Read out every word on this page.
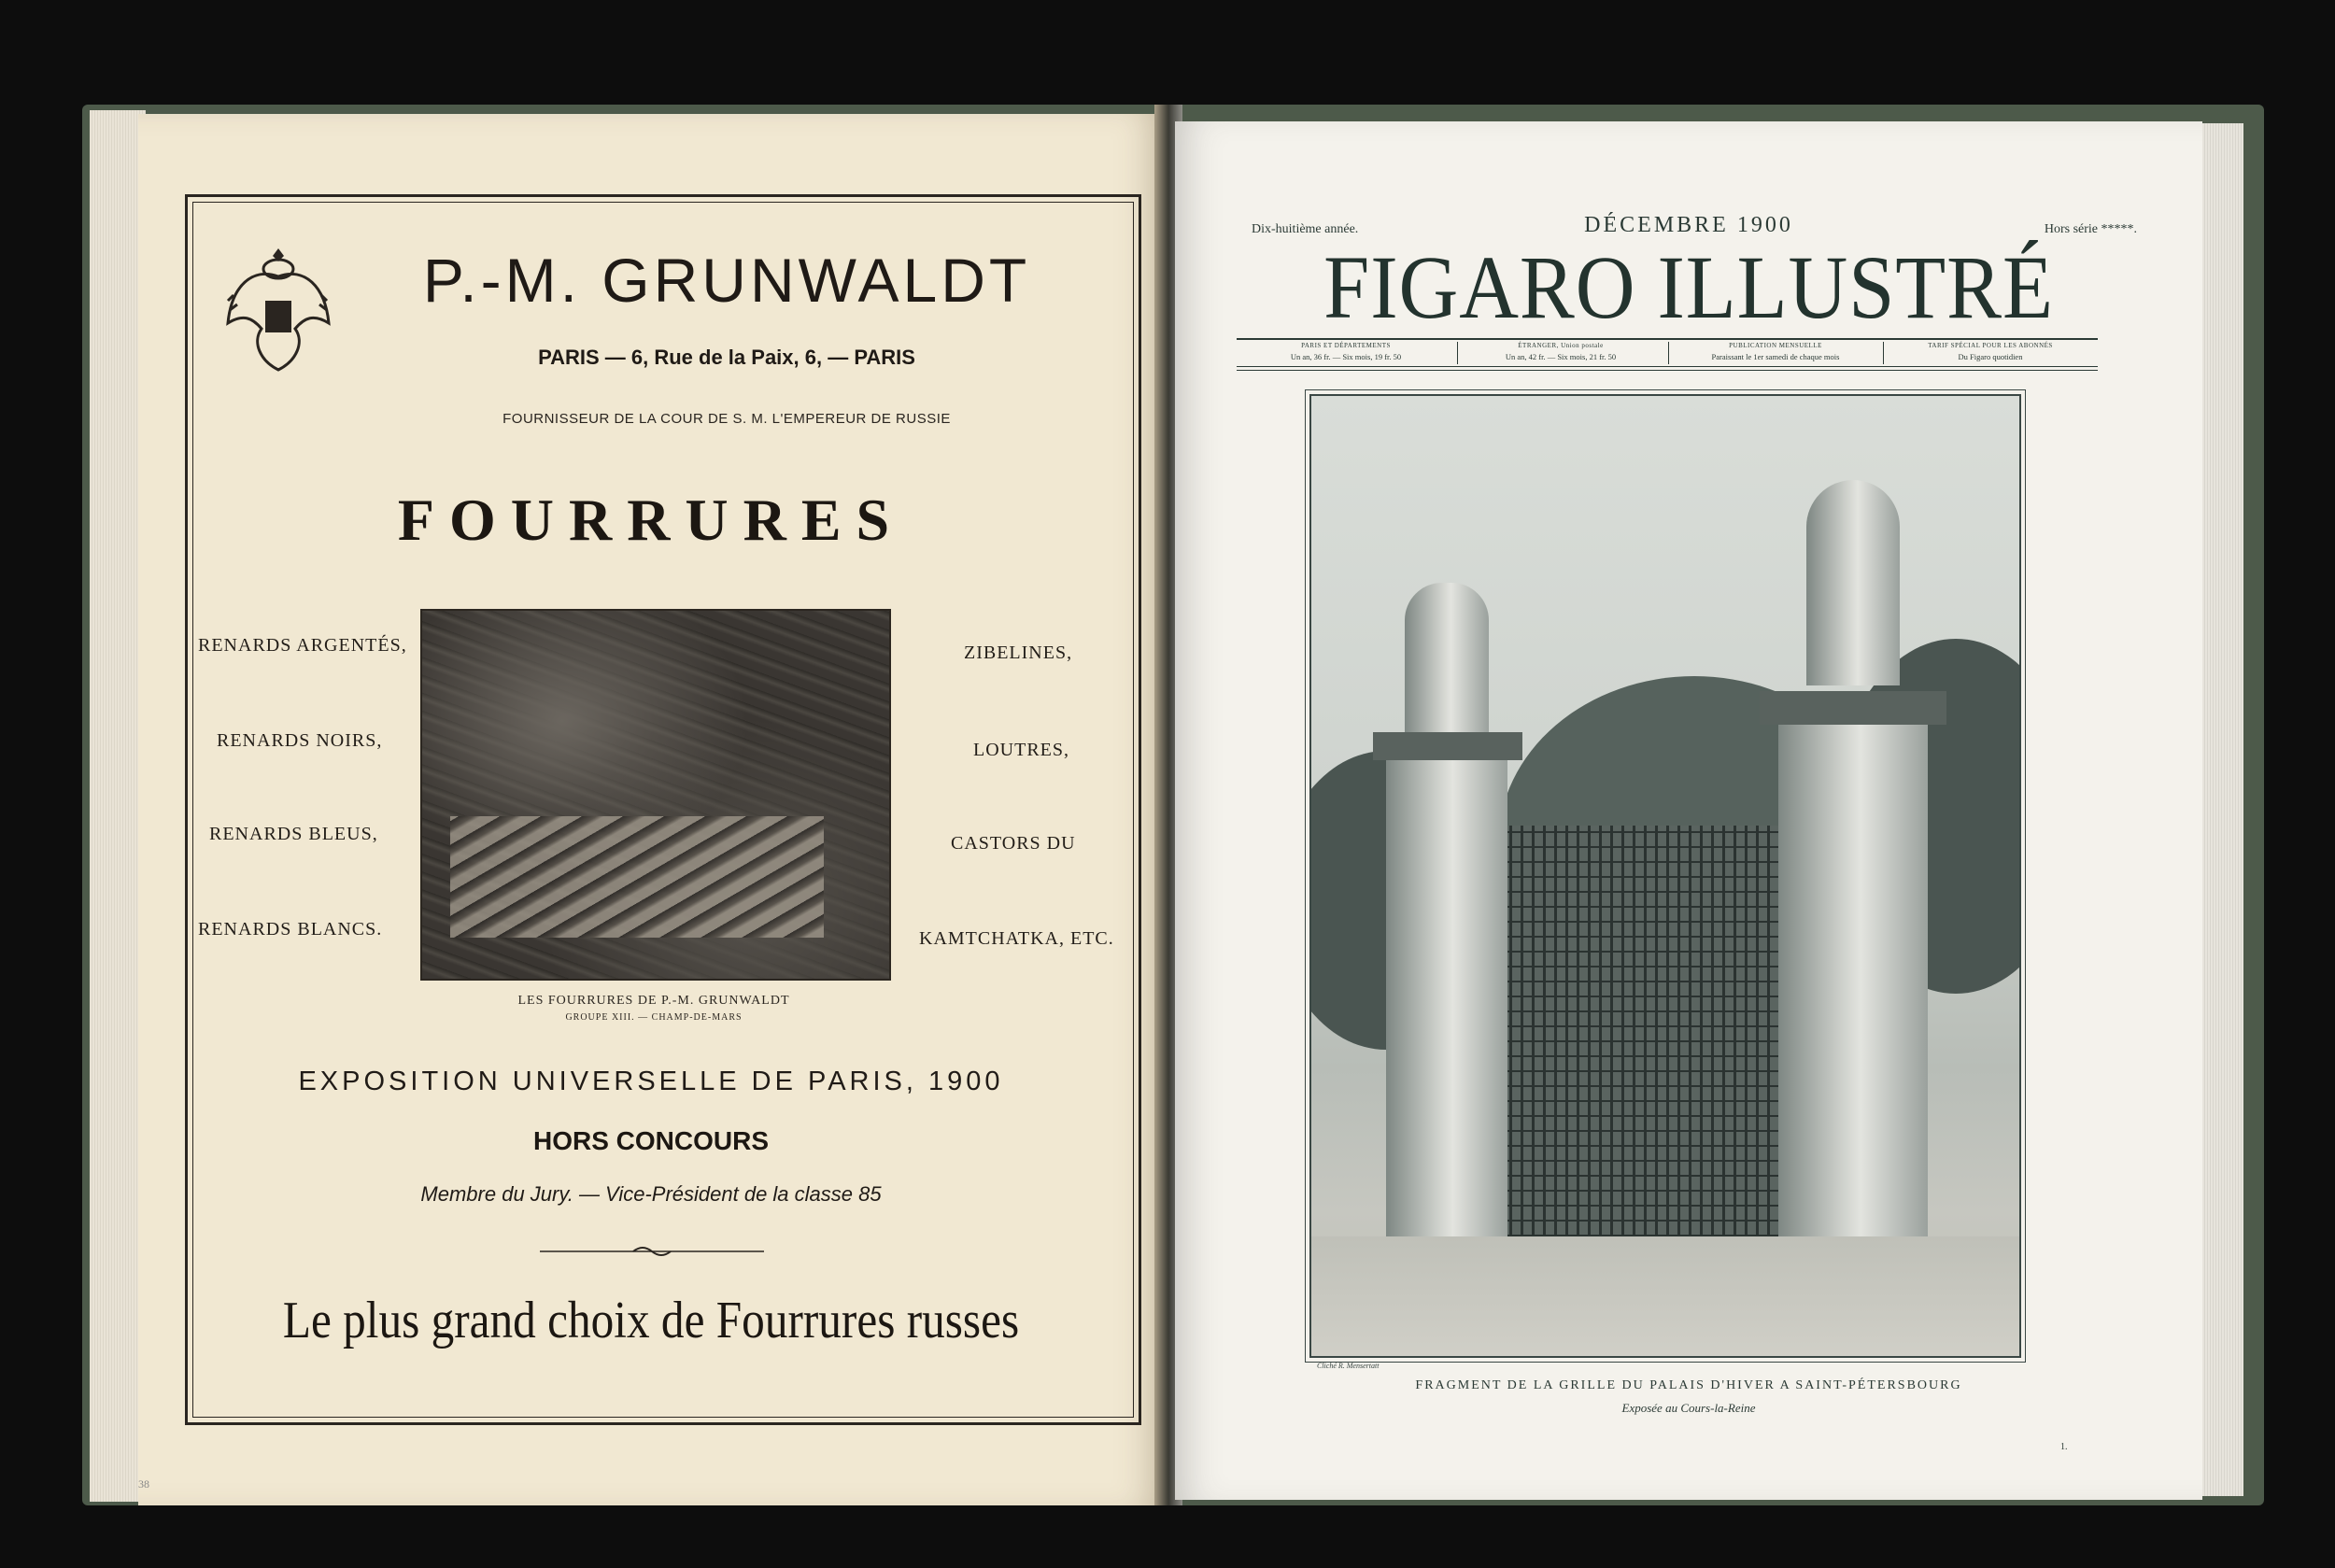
P.-M. GRUNWALDT
PARIS — 6, Rue de la Paix, 6, — PARIS
FOURNISSEUR DE LA COUR DE S. M. L'EMPEREUR DE RUSSIE
FOURRURES
RENARDS ARGENTÉS,
RENARDS NOIRS,
RENARDS BLEUS,
RENARDS BLANCS.
ZIBELINES,
LOUTRES,
CASTORS DU
KAMTCHATKA, ETC.
LES FOURRURES DE P.-M. GRUNWALDT
GROUPE XIII. — CHAMP-DE-MARS
EXPOSITION UNIVERSELLE DE PARIS, 1900
HORS CONCOURS
Membre du Jury. — Vice-Président de la classe 85
Le plus grand choix de Fourrures russes
38
Dix-huitième année.	DÉCEMBRE 1900	Hors série *****.
FIGARO ILLUSTRÉ
PARIS ET DÉPARTEMENTS
Un an, 36 fr. — Six mois, 19 fr. 50
ÉTRANGER, Union postale
Un an, 42 fr. — Six mois, 21 fr. 50
PUBLICATION MENSUELLE
Paraissant le 1er samedi de chaque mois
TARIF SPÉCIAL POUR LES ABONNÉS
Du Figaro quotidien
Cliché R. Mensertatt
FRAGMENT DE LA GRILLE DU PALAIS D'HIVER A SAINT-PÉTERSBOURG
Exposée au Cours-la-Reine
1.
